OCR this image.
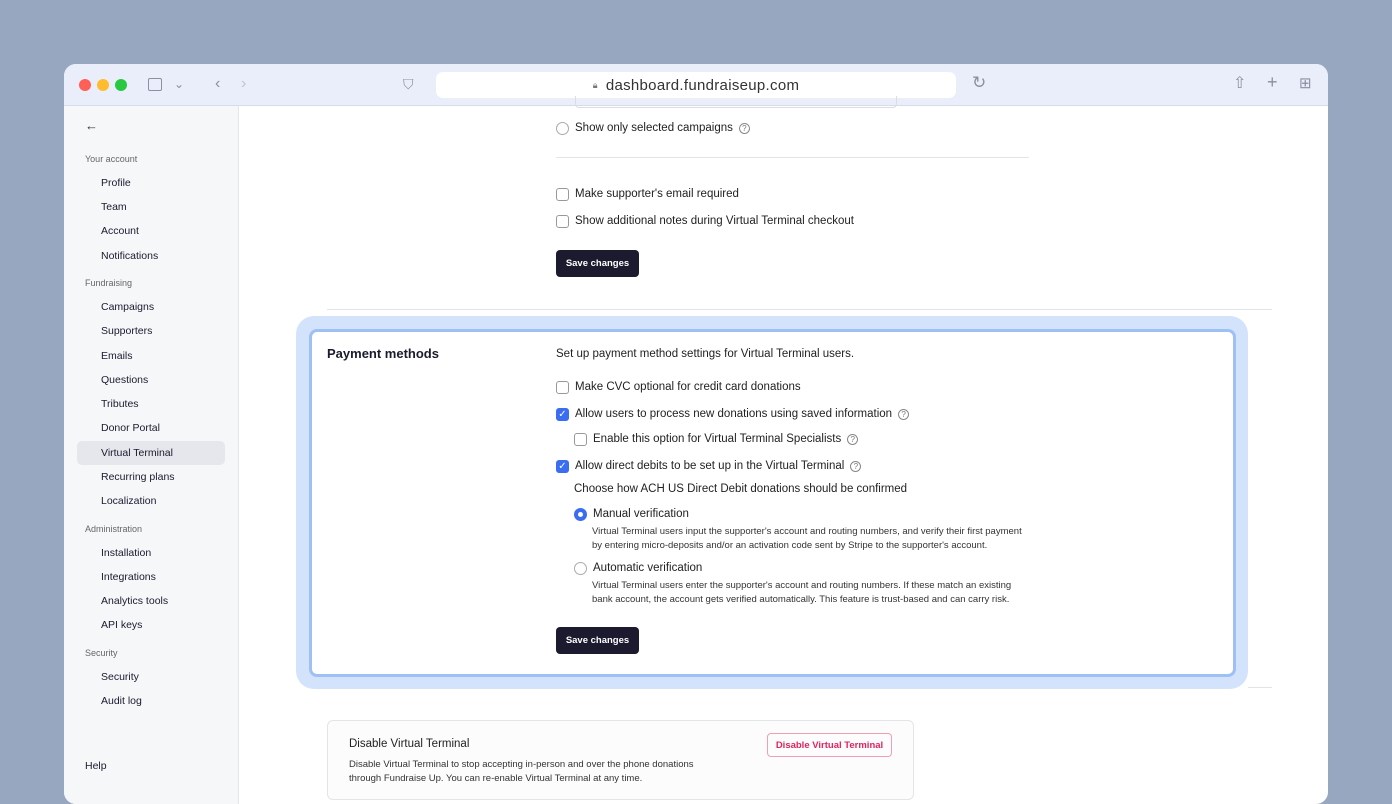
⌄ ‹ ›	⛉	🔒︎ dashboard.fundraiseup.com	↻	⇧ + ⊞
←
Your account
Profile
Team
Account
Notifications
Fundraising
Campaigns
Supporters
Emails
Questions
Tributes
Donor Portal
Virtual Terminal
Recurring plans
Localization
Administration
Installation
Integrations
Analytics tools
API keys
Security
Security
Audit log
Help
Show only selected campaigns	?
Make supporter's email required
Show additional notes during Virtual Terminal checkout
Save changes
Payment methods	Set up payment method settings for Virtual Terminal users.
Make CVC optional for credit card donations
✓ Allow users to process new donations using saved information	?
Enable this option for Virtual Terminal Specialists	?
✓ Allow direct debits to be set up in the Virtual Terminal	?
Choose how ACH US Direct Debit donations should be confirmed
Manual verification
Virtual Terminal users input the supporter's account and routing numbers, and verify their first payment
by entering micro-deposits and/or an activation code sent by Stripe to the supporter's account.
Automatic verification
Virtual Terminal users enter the supporter's account and routing numbers. If these match an existing
bank account, the account gets verified automatically. This feature is trust-based and can carry risk.
Save changes
Disable Virtual Terminal
Disable Virtual Terminal to stop accepting in-person and over the phone donations
through Fundraise Up. You can re-enable Virtual Terminal at any time.
Disable Virtual Terminal
